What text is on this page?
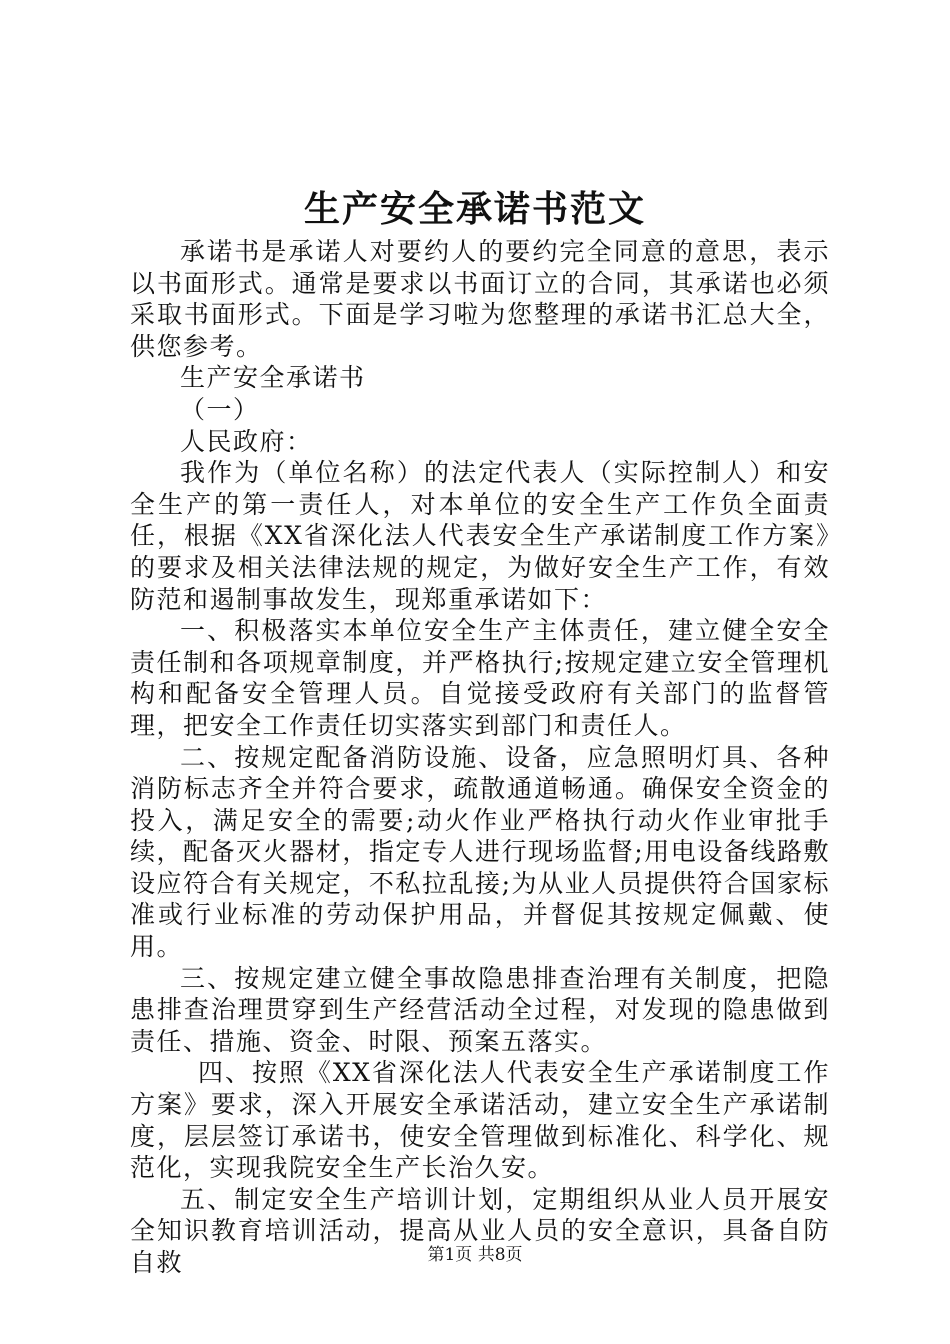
生产安全承诺书范文

承诺书是承诺人对要约人的要约完全同意的意思，表示以书面形式。通常是要求以书面订立的合同，其承诺也必须采取书面形式。下面是学习啦为您整理的承诺书汇总大全，供您参考。

生产安全承诺书

（一）

人民政府：

我作为（单位名称）的法定代表人（实际控制人）和安全生产的第一责任人，对本单位的安全生产工作负全面责任，根据《XX省深化法人代表安全生产承诺制度工作方案》的要求及相关法律法规的规定，为做好安全生产工作，有效防范和遏制事故发生，现郑重承诺如下：

一、积极落实本单位安全生产主体责任，建立健全安全责任制和各项规章制度，并严格执行;按规定建立安全管理机构和配备安全管理人员。自觉接受政府有关部门的监督管理，把安全工作责任切实落实到部门和责任人。

二、按规定配备消防设施、设备，应急照明灯具、各种消防标志齐全并符合要求，疏散通道畅通。确保安全资金的投入，满足安全的需要;动火作业严格执行动火作业审批手续，配备灭火器材，指定专人进行现场监督;用电设备线路敷设应符合有关规定，不私拉乱接;为从业人员提供符合国家标准或行业标准的劳动保护用品，并督促其按规定佩戴、使用。

三、按规定建立健全事故隐患排查治理有关制度，把隐患排查治理贯穿到生产经营活动全过程，对发现的隐患做到责任、措施、资金、时限、预案五落实。

四、按照《XX省深化法人代表安全生产承诺制度工作方案》要求，深入开展安全承诺活动，建立安全生产承诺制度，层层签订承诺书，使安全管理做到标准化、科学化、规范化，实现我院安全生产长治久安。

五、制定安全生产培训计划，定期组织从业人员开展安全知识教育培训活动，提高从业人员的安全意识，具备自防自救	第1页 共8页
